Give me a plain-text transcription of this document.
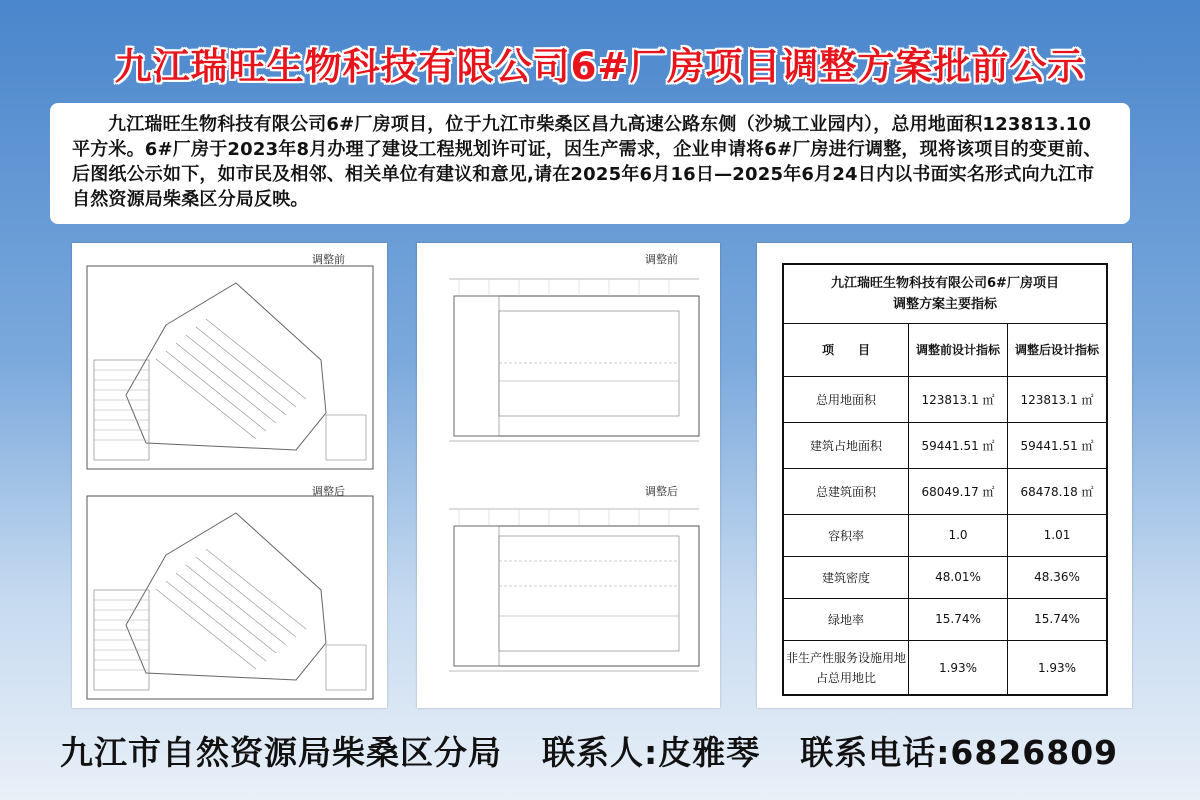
九江瑞旺生物科技有限公司6#厂房项目调整方案批前公示
九江瑞旺生物科技有限公司6#厂房项目，位于九江市柴桑区昌九高速公路东侧（沙城工业园内），总用地面积123813.10平方米。6#厂房于2023年8月办理了建设工程规划许可证，因生产需求，企业申请将6#厂房进行调整，现将该项目的变更前、后图纸公示如下，如市民及相邻、相关单位有建议和意见,请在2025年6月16日—2025年6月24日内以书面实名形式向九江市自然资源局柴桑区分局反映。
调整前
调整后
调整前
调整后
九江瑞旺生物科技有限公司6#厂房项目
调整方案主要指标
项　　目	调整前设计指标	调整后设计指标
总用地面积	123813.1 ㎡	123813.1 ㎡
建筑占地面积	59441.51 ㎡	59441.51 ㎡
总建筑面积	68049.17 ㎡	68478.18 ㎡
容积率	1.0	1.01
建筑密度	48.01%	48.36%
绿地率	15.74%	15.74%
非生产性服务设施用地占总用地比	1.93%	1.93%
九江市自然资源局柴桑区分局 联系人:皮雅琴 联系电话:6826809
